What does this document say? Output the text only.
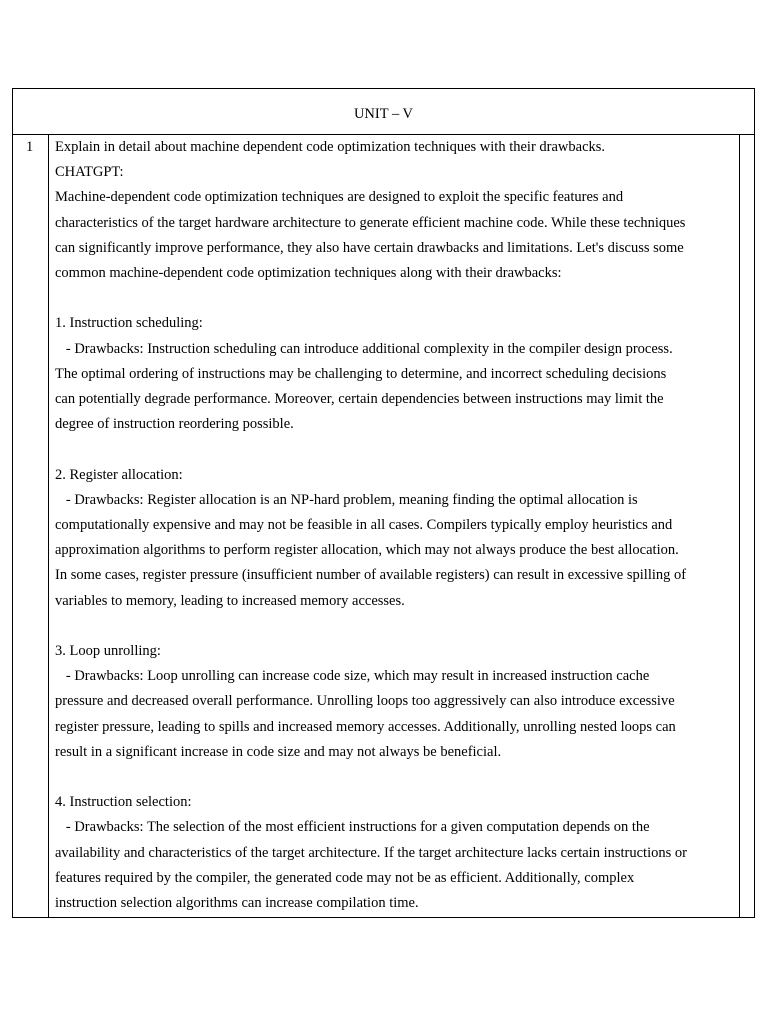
UNIT – V
1	Explain in detail about machine dependent code optimization techniques with their drawbacks.
CHATGPT:
Machine-dependent code optimization techniques are designed to exploit the specific features and
characteristics of the target hardware architecture to generate efficient machine code. While these techniques
can significantly improve performance, they also have certain drawbacks and limitations. Let's discuss some
common machine-dependent code optimization techniques along with their drawbacks:
1. Instruction scheduling:
- Drawbacks: Instruction scheduling can introduce additional complexity in the compiler design process.
The optimal ordering of instructions may be challenging to determine, and incorrect scheduling decisions
can potentially degrade performance. Moreover, certain dependencies between instructions may limit the
degree of instruction reordering possible.
2. Register allocation:
- Drawbacks: Register allocation is an NP-hard problem, meaning finding the optimal allocation is
computationally expensive and may not be feasible in all cases. Compilers typically employ heuristics and
approximation algorithms to perform register allocation, which may not always produce the best allocation.
In some cases, register pressure (insufficient number of available registers) can result in excessive spilling of
variables to memory, leading to increased memory accesses.
3. Loop unrolling:
- Drawbacks: Loop unrolling can increase code size, which may result in increased instruction cache
pressure and decreased overall performance. Unrolling loops too aggressively can also introduce excessive
register pressure, leading to spills and increased memory accesses. Additionally, unrolling nested loops can
result in a significant increase in code size and may not always be beneficial.
4. Instruction selection:
- Drawbacks: The selection of the most efficient instructions for a given computation depends on the
availability and characteristics of the target architecture. If the target architecture lacks certain instructions or
features required by the compiler, the generated code may not be as efficient. Additionally, complex
instruction selection algorithms can increase compilation time.
